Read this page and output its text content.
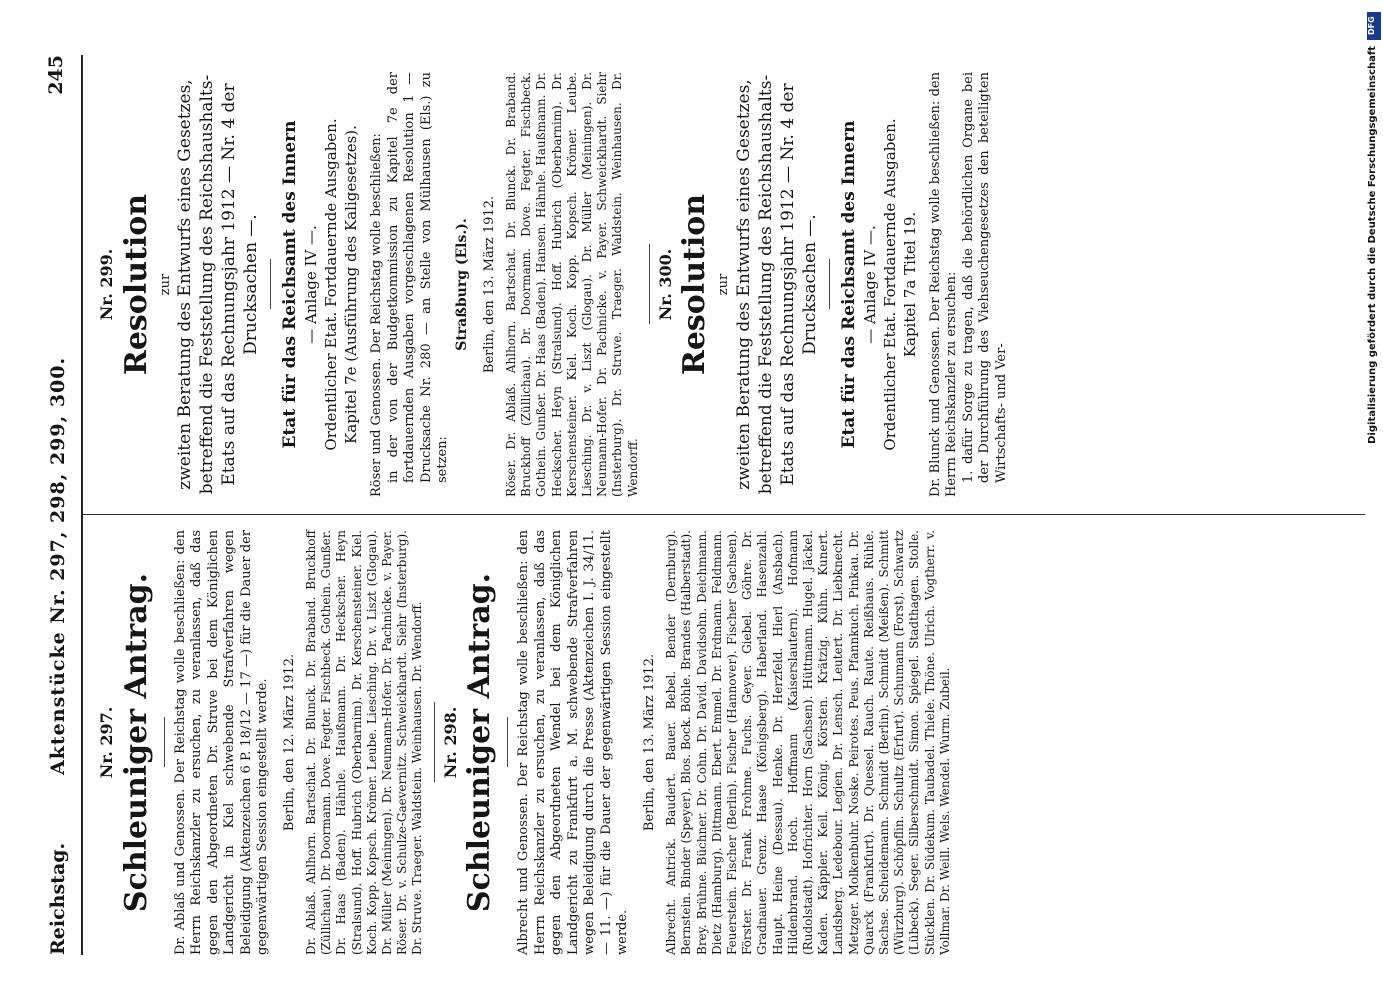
Reichstag.
Aktenstücke Nr. 297, 298, 299, 300.
245
Nr. 297. Schleuniger Antrag. Dr. Ablaß und Genossen. Der Reichstag wolle beschließen: den Herrn Reichskanzler zu ersuchen, zu veranlassen, daß das gegen den Abgeordneten Dr. Struve bei dem Königlichen Landgericht in Kiel schwebende Strafverfahren wegen Beleidigung (Aktenzeichen 6 P. 18/12 — 17 —) für die Dauer der gegenwärtigen Session eingestellt werde. Berlin, den 12. März 1912. Dr. Ablaß. Ahlhorn. Bartschat. Dr. Blunck. Dr. Braband. Bruckhoff (Züllichau). Dr. Doormann. Dove. Fegter. Fischbeck. Gothein. Gunßer. Dr. Haas (Baden). Hähnle. Haußmann. Dr. Heckscher. Heyn (Stralsund). Hoff. Hubrich (Oberbarnim). Dr. Kerschensteiner. Kiel. Koch. Kopp. Kopsch. Krömer. Leube. Liesching. Dr. v. Liszt (Glogau). Dr. Müller (Meiningen). Dr. Neumann-Hofer. Dr. Pachnicke. v. Payer. Röser. Dr. v. Schulze-Gaevernitz. Schweickhardt. Siehr (Insterburg). Dr. Struve. Traeger. Waldstein. Weinhausen. Dr. Wendorff. Nr. 298. Schleuniger Antrag. Albrecht und Genossen. Der Reichstag wolle beschließen: den Herrn Reichskanzler zu ersuchen, zu veranlassen, daß das gegen den Abgeordneten Wendel bei dem Königlichen Landgericht zu Frankfurt a. M. schwebende Strafverfahren wegen Beleidigung durch die Presse (Aktenzeichen I. J. 34/11. — 11. —) für die Dauer der gegenwärtigen Session eingestellt werde.

Berlin, den 13. März 1912. Albrecht. Antrick. Baudert. Bauer. Bebel. Bender (Dernburg). Bernstein. Binder (Speyer). Blos. Bock. Böhle. Brandes (Halberstadt). Brey. Brühne. Büchner. Dr. Cohn. Dr. David. Davidsohn. Deichmann. Dietz (Hamburg). Dittmann. Ebert. Emmel. Dr. Erdmann. Feldmann. Feuerstein. Fischer (Berlin). Fischer (Hannover). Fischer (Sachsen). Förster. Dr. Frank. Frohme. Fuchs. Geyer. Giebel. Göhre. Dr. Gradnauer. Grenz. Haase (Königsberg). Haberland. Hasenzahl. Haupt. Heine (Dessau). Henke. Dr. Herzfeld. Hierl (Ansbach). Hildenbrand. Hoch. Hoffmann (Kaiserslautern). Hofmann (Rudolstadt). Hofrichter. Horn (Sachsen). Hüttmann. Hugel. Jäckel. Kaden. Käppler. Keil. König. Körsten. Krätzig. Kühn. Kunert. Landsberg. Ledebour. Legien. Dr. Lensch. Leutert. Dr. Liebknecht. Metzger. Molkenbuhr. Noske. Peirotes. Peus. Pfannkuch. Pinkau. Dr. Quarck (Frankfurt). Dr. Quessel. Rauch. Raute. Reißhaus. Rühle. Sachse. Scheidemann. Schmidt (Berlin). Schmidt (Meißen). Schmitt (Würzburg). Schöpflin. Schultz (Erfurt). Schumann (Forst). Schwartz (Lübeck). Seger. Silberschmidt. Simon. Spiegel. Stadthagen. Stolle. Stücklen. Dr. Südekum. Taubadel. Thiele. Thöne. Ulrich. Vogtherr. v. Vollmar. Dr. Weill. Wels. Wendel. Wurm. Zubeil.

Nr. 299. Resolution zur zweiten Beratung des Entwurfs eines Gesetzes, betreffend die Feststellung des Reichshaushalts-Etats auf das Rechnungsjahr 1912 — Nr. 4 der Drucksachen —. Etat für das Reichsamt des Innern — Anlage IV —. Ordentlicher Etat. Fortdauernde Ausgaben. Kapitel 7e (Ausführung des Kaligesetzes). Röser und Genossen. Der Reichstag wolle beschließen: in der von der Budgetkommission zu Kapitel 7e der fortdauernden Ausgaben vorgeschlagenen Resolution 1 — Drucksache Nr. 280 — an Stelle von Mülhausen (Els.) zu setzen:

Straßburg (Els.). Berlin, den 13. März 1912. Röser. Dr. Ablaß. Ahlhorn. Bartschat. Dr. Blunck. Dr. Braband. Bruckhoff (Züllichau). Dr. Doormann. Dove. Fegter. Fischbeck. Gothein. Gunßer. Dr. Haas (Baden). Hansen. Hähnle. Haußmann. Dr. Heckscher. Heyn (Stralsund). Hoff. Hubrich (Oberbarnim). Dr. Kerschensteiner. Kiel. Koch. Kopp. Kopsch. Krömer. Leube. Liesching. Dr. v. Liszt (Glogau). Dr. Müller (Meiningen). Dr. Neumann-Hofer. Dr. Pachnicke. v. Payer. Schweickhardt. Siehr (Insterburg). Dr. Struve. Traeger. Waldstein. Weinhausen. Dr. Wendorff.

Nr. 300. Resolution zur zweiten Beratung des Entwurfs eines Gesetzes, betreffend die Feststellung des Reichshaushalts-Etats auf das Rechnungsjahr 1912 — Nr. 4 der Drucksachen —. Etat für das Reichsamt des Innern — Anlage IV —. Ordentlicher Etat. Fortdauernde Ausgaben. Kapitel 7a Titel 19. Dr. Blunck und Genossen. Der Reichstag wolle beschließen: den Herrn Reichskanzler zu ersuchen: 1. dafür Sorge zu tragen, daß die behördlichen Organe bei der Durchführung des Viehseuchengesetzes den beteiligten Wirtschafts- und Ver-

DFG
Digitalisierung gefördert durch die Deutsche Forschungsgemeinschaft
